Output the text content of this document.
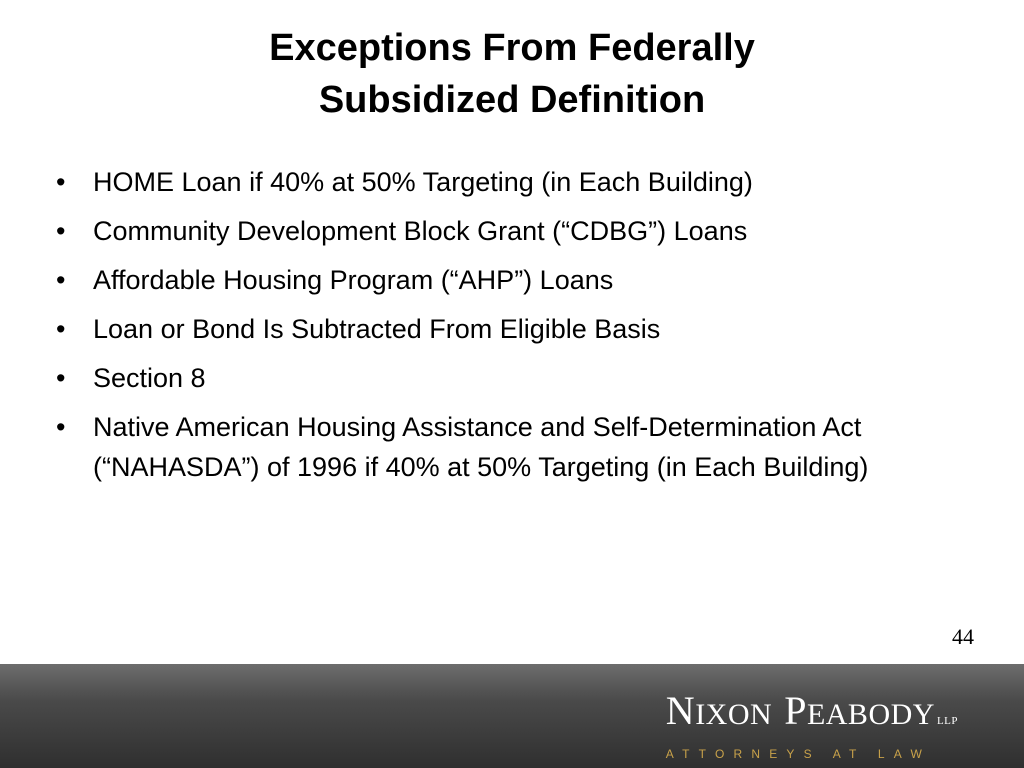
Exceptions From Federally
Subsidized Definition
•	HOME Loan if 40% at 50% Targeting (in Each Building)
•	Community Development Block Grant (“CDBG”) Loans
•	Affordable Housing Program (“AHP”) Loans
•	Loan or Bond Is Subtracted From Eligible Basis
•	Section 8
•	Native American Housing Assistance and Self-Determination Act (“NAHASDA”) of 1996 if 40% at 50% Targeting (in Each Building)
44
N IXON P EABODY LLP
ATTORNEYS AT LAW
